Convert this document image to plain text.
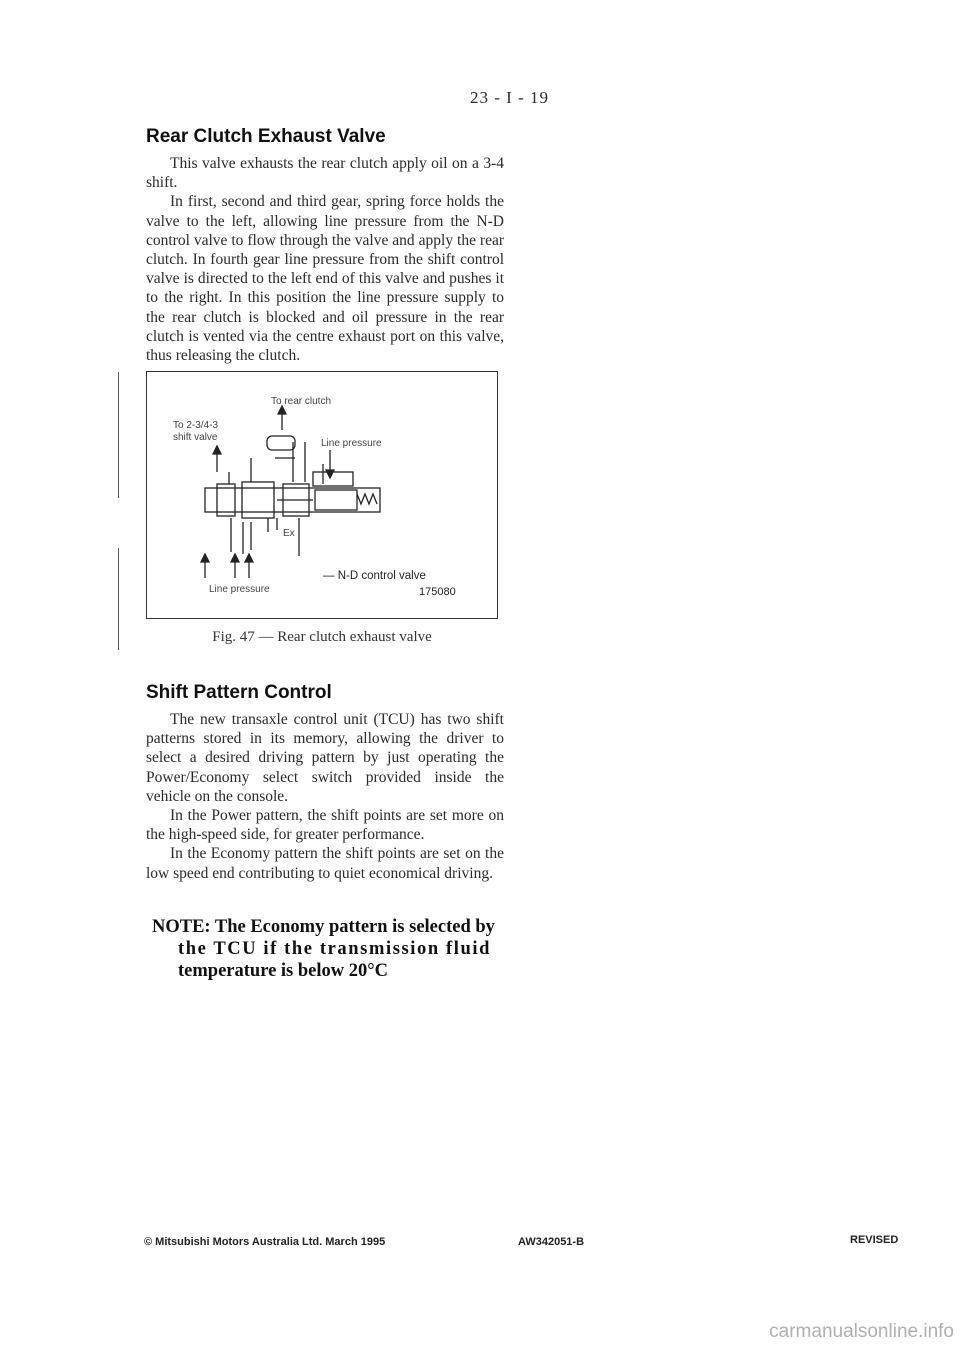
23 - I - 19
Rear Clutch Exhaust Valve

This valve exhausts the rear clutch apply oil on a 3-4 shift.

In first, second and third gear, spring force holds the valve to the left, allowing line pressure from the N-D control valve to flow through the valve and apply the rear clutch. In fourth gear line pressure from the shift control valve is directed to the left end of this valve and pushes it to the right. In this position the line pressure supply to the rear clutch is blocked and oil pressure in the rear clutch is vented via the centre exhaust port on this valve, thus releasing the clutch.

To rear clutch
To 2-3/4-3
shift valve
Line pressure
Ex
Line pressure
— N-D control valve
175080
Fig. 47 — Rear clutch exhaust valve
Shift Pattern Control

The new transaxle control unit (TCU) has two shift patterns stored in its memory, allowing the driver to select a desired driving pattern by just operating the Power/Economy select switch provided inside the vehicle on the console.

In the Power pattern, the shift points are set more on the high-speed side, for greater performance.

In the Economy pattern the shift points are set on the low speed end contributing to quiet economical driving.

NOTE: The Economy pattern is selected by
the TCU if the transmission fluid
temperature is below 20°C
© Mitsubishi Motors Australia Ltd. March 1995	AW342051-B	REVISED
carmanualsonline.info
